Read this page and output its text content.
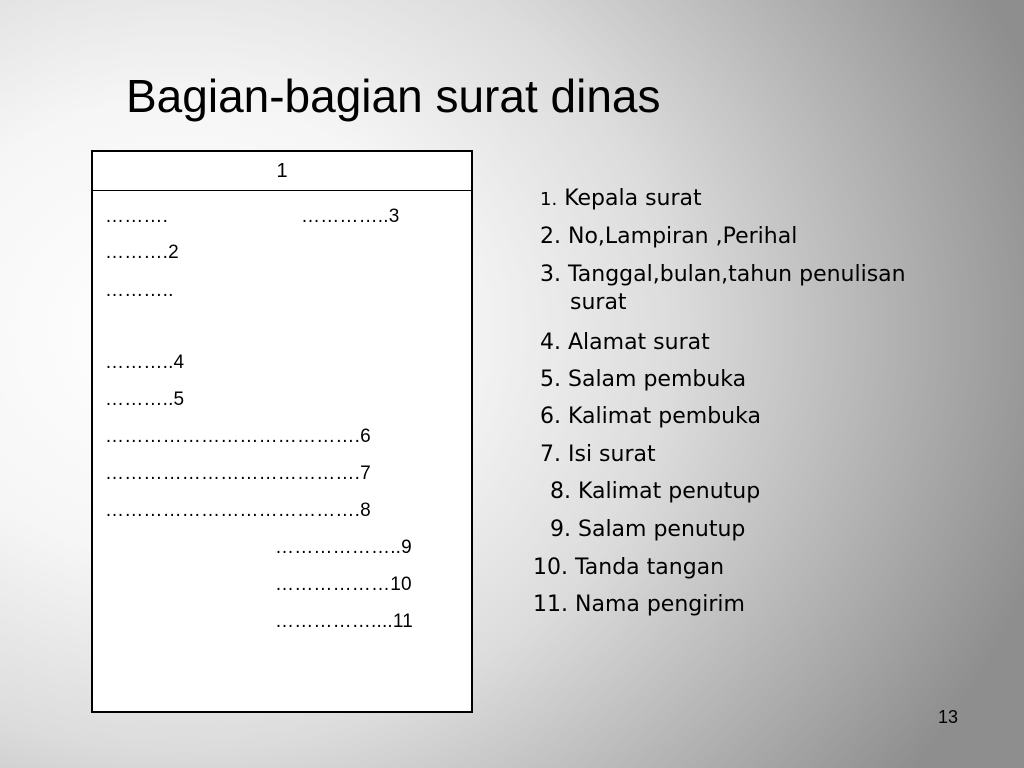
Bagian-bagian surat dinas
1
……….	…………..3
……….2
………..
………..4
………..5
………………………………….6
………………………………….7
………………………………….8
………………..9
………………10
……………....11
1. Kepala surat
2. No,Lampiran ,Perihal
3. Tanggal,bulan,tahun penulisan
surat
4. Alamat surat
5. Salam pembuka
6. Kalimat pembuka
7. Isi surat
8. Kalimat penutup
9. Salam penutup
10. Tanda tangan
11. Nama pengirim
13
